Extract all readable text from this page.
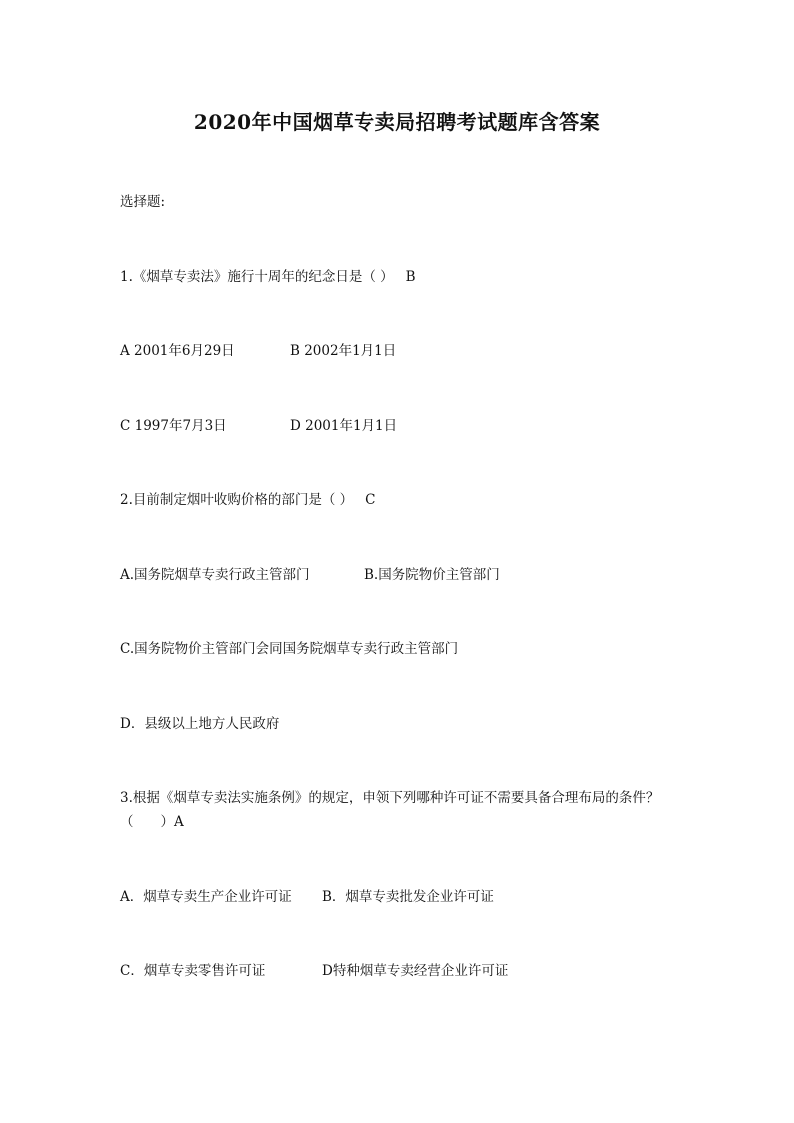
2020年中国烟草专卖局招聘考试题库含答案
选择题:
1.《烟草专卖法》施行十周年的纪念日是（ ） B
A 2001年6月29日	B 2002年1月1日
C 1997年7月3日	D 2001年1月1日
2.目前制定烟叶收购价格的部门是（ ） C
A.国务院烟草专卖行政主管部门	B.国务院物价主管部门
C.国务院物价主管部门会同国务院烟草专卖行政主管部门
D．县级以上地方人民政府
3.根据《烟草专卖法实施条例》的规定，申领下列哪种许可证不需要具备合理布局的条件？
（　　）A
A．烟草专卖生产企业许可证 B．烟草专卖批发企业许可证
C．烟草专卖零售许可证	D特种烟草专卖经营企业许可证
